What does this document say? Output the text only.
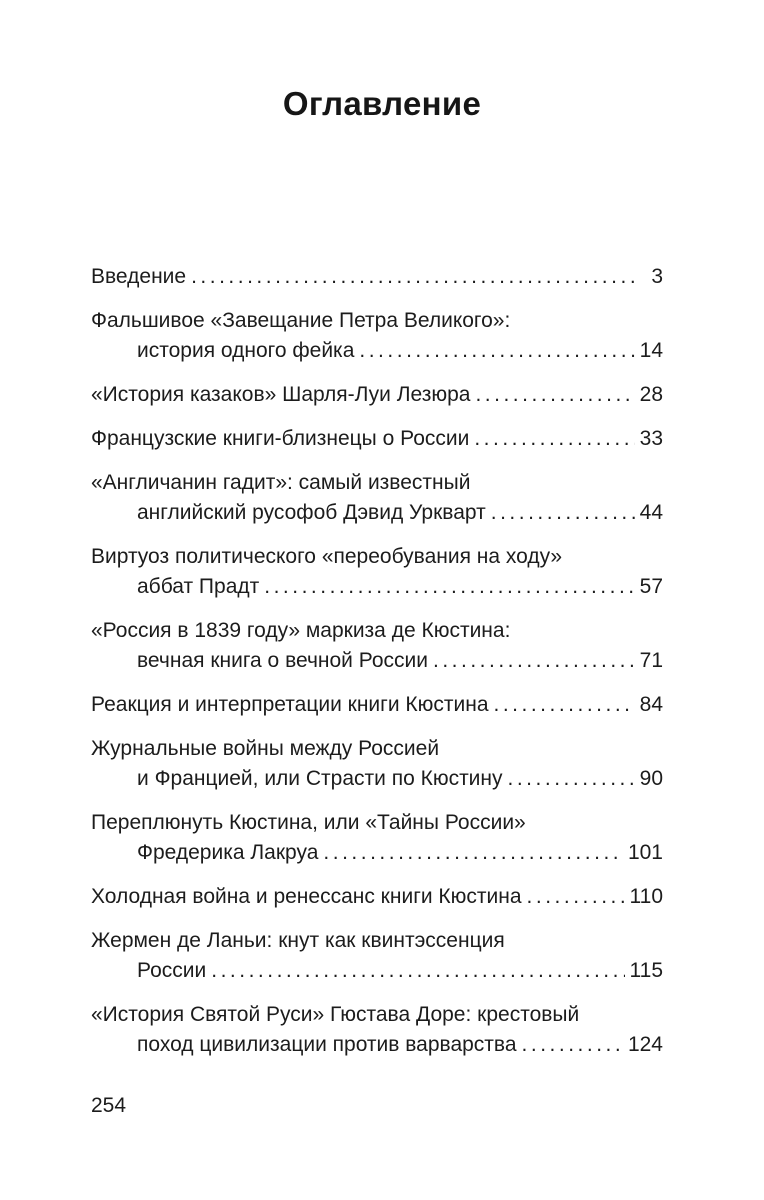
Оглавление
Введение .....	3
Фальшивое «Завещание Петра Великого»:
история одного фейка .....	14
«История казаков» Шарля-Луи Лезюра .....	28
Французские книги-близнецы о России .....	33
«Англичанин гадит»: самый известный
английский русофоб Дэвид Уркварт .....	44
Виртуоз политического «переобувания на ходу»
аббат Прадт .....	57
«Россия в 1839 году» маркиза де Кюстина:
вечная книга о вечной России .....	71
Реакция и интерпретации книги Кюстина .....	84
Журнальные войны между Россией
и Францией, или Страсти по Кюстину .....	90
Переплюнуть Кюстина, или «Тайны России»
Фредерика Лакруа .....	101
Холодная война и ренессанс книги Кюстина .....	110
Жермен де Ланьи: кнут как квинтэссенция
России .....	115
«История Святой Руси» Гюстава Доре: крестовый
поход цивилизации против варварства .....	124
254
